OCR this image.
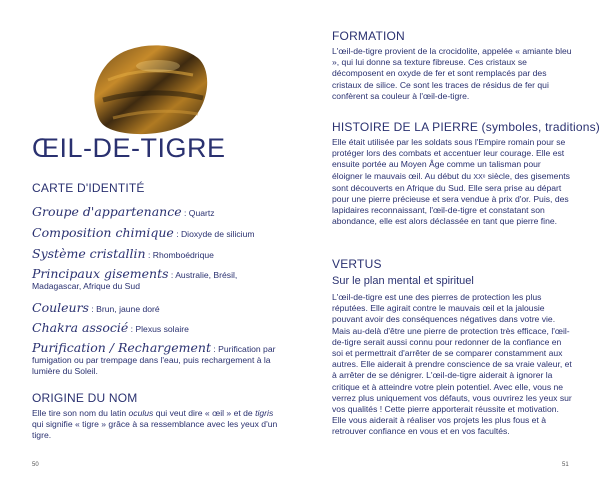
ŒIL-DE-TIGRE
CARTE D'IDENTITÉ
Groupe d'appartenance : Quartz
Composition chimique : Dioxyde de silicium
Système cristallin : Rhomboédrique
Principaux gisements : Australie, Brésil, Madagascar, Afrique du Sud
Couleurs : Brun, jaune doré
Chakra associé : Plexus solaire
Purification / Rechargement : Purification par fumigation ou par trempage dans l'eau, puis rechargement à la lumière du Soleil.
ORIGINE DU NOM
Elle tire son nom du latin oculus qui veut dire « œil » et de tigris qui signifie « tigre » grâce à sa ressemblance avec les yeux d'un tigre.
50
FORMATION
L'œil-de-tigre provient de la crocidolite, appelée « amiante bleu », qui lui donne sa texture fibreuse. Ces cristaux se décomposent en oxyde de fer et sont remplacés par des cristaux de silice. Ce sont les traces de résidus de fer qui confèrent sa couleur à l'œil-de-tigre.
HISTOIRE DE LA PIERRE (symboles, traditions)
Elle était utilisée par les soldats sous l'Empire romain pour se protéger lors des combats et accentuer leur courage. Elle est ensuite portée au Moyen Âge comme un talisman pour éloigner le mauvais œil. Au début du XXᵉ siècle, des gisements sont découverts en Afrique du Sud. Elle sera prise au départ pour une pierre précieuse et sera vendue à prix d'or. Puis, des lapidaires reconnaissant, l'œil-de-tigre et constatant son abondance, elle est alors déclassée en tant que pierre fine.
VERTUS
Sur le plan mental et spirituel
L'œil-de-tigre est une des pierres de protection les plus réputées. Elle agirait contre le mauvais œil et la jalousie pouvant avoir des conséquences négatives dans votre vie. Mais au-delà d'être une pierre de protection très efficace, l'œil-de-tigre serait aussi connu pour redonner de la confiance en soi et permettrait d'arrêter de se comparer constamment aux autres. Elle aiderait à prendre conscience de sa vraie valeur, et à arrêter de se dénigrer. L'œil-de-tigre aiderait à ignorer la critique et à atteindre votre plein potentiel. Avec elle, vous ne verrez plus uniquement vos défauts, vous ouvrirez les yeux sur vos qualités ! Cette pierre apporterait réussite et motivation. Elle vous aiderait à réaliser vos projets les plus fous et à retrouver confiance en vous et en vos facultés.
51
